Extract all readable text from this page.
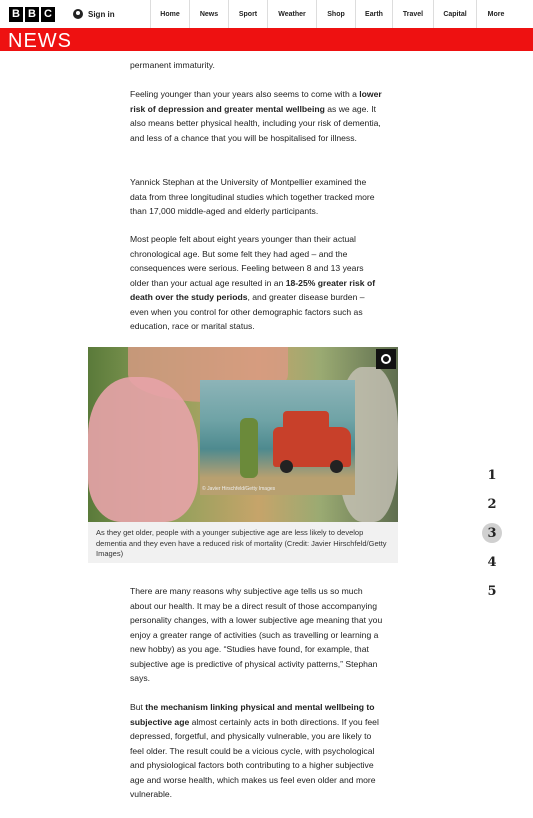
B B C	Sign in	Home	News	Sport	Weather	Shop	Earth	Travel	Capital	More
NEWS
permanent immaturity.
Feeling younger than your years also seems to come with a lower risk of depression and greater mental wellbeing as we age. It also means better physical health, including your risk of dementia, and less of a chance that you will be hospitalised for illness.
Yannick Stephan at the University of Montpellier examined the data from three longitudinal studies which together tracked more than 17,000 middle-aged and elderly participants.
Most people felt about eight years younger than their actual chronological age. But some felt they had aged – and the consequences were serious. Feeling between 8 and 13 years older than your actual age resulted in an 18-25% greater risk of death over the study periods, and greater disease burden – even when you control for other demographic factors such as education, race or marital status.
© Javier Hirschfeld/Getty Images
As they get older, people with a younger subjective age are less likely to develop dementia and they even have a reduced risk of mortality (Credit: Javier Hirschfeld/Getty Images)
There are many reasons why subjective age tells us so much about our health. It may be a direct result of those accompanying personality changes, with a lower subjective age meaning that you enjoy a greater range of activities (such as travelling or learning a new hobby) as you age. “Studies have found, for example, that subjective age is predictive of physical activity patterns,” Stephan says.
But the mechanism linking physical and mental wellbeing to subjective age almost certainly acts in both directions. If you feel depressed, forgetful, and physically vulnerable, you are likely to feel older. The result could be a vicious cycle, with psychological and physiological factors both contributing to a higher subjective age and worse health, which makes us feel even older and more vulnerable.
1
2
3
4
5
